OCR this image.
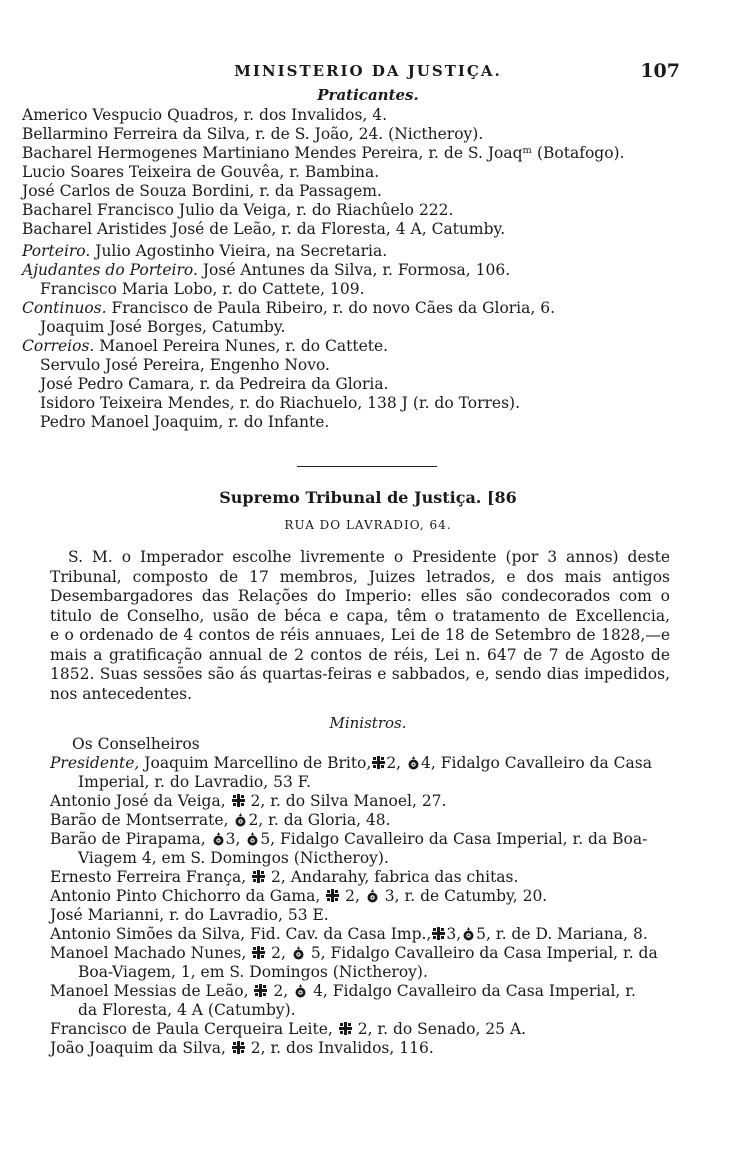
MINISTERIO DA JUSTIÇA.	107
Praticantes.
Americo Vespucio Quadros, r. dos Invalidos, 4.
Bellarmino Ferreira da Silva, r. de S. João, 24. (Nictheroy).
Bacharel Hermogenes Martiniano Mendes Pereira, r. de S. Joaqᵐ (Botafogo).
Lucio Soares Teixeira de Gouvêa, r. Bambina.
José Carlos de Souza Bordini, r. da Passagem.
Bacharel Francisco Julio da Veiga, r. do Riachûelo 222.
Bacharel Aristides José de Leão, r. da Floresta, 4 A, Catumby.
Porteiro. Julio Agostinho Vieira, na Secretaria.
Ajudantes do Porteiro. José Antunes da Silva, r. Formosa, 106.
Francisco Maria Lobo, r. do Cattete, 109.
Continuos. Francisco de Paula Ribeiro, r. do novo Cães da Gloria, 6.
Joaquim José Borges, Catumby.
Correios. Manoel Pereira Nunes, r. do Cattete.
Servulo José Pereira, Engenho Novo.
José Pedro Camara, r. da Pedreira da Gloria.
Isidoro Teixeira Mendes, r. do Riachuelo, 138 J (r. do Torres).
Pedro Manoel Joaquim, r. do Infante.
Supremo Tribunal de Justiça. [86
RUA DO LAVRADIO, 64.
S. M. o Imperador escolhe livremente o Presidente (por 3 annos) deste
Tribunal, composto de 17 membros, Juizes letrados, e dos mais antigos
Desembargadores das Relações do Imperio: elles são condecorados com o
titulo de Conselho, usão de béca e capa, têm o tratamento de Excellencia,
e o ordenado de 4 contos de réis annuaes, Lei de 18 de Setembro de 1828,—e
mais a gratificação annual de 2 contos de réis, Lei n. 647 de 7 de Agosto de
1852. Suas sessões são ás quartas-feiras e sabbados, e, sendo dias impedidos,
nos antecedentes.
Ministros.
Os Conselheiros
Presidente, Joaquim Marcellino de Brito, 2, 4, Fidalgo Cavalleiro da Casa
Imperial, r. do Lavradio, 53 F.
Antonio José da Veiga, 2, r. do Silva Manoel, 27.
Barão de Montserrate, 2, r. da Gloria, 48.
Barão de Pirapama, 3, 5, Fidalgo Cavalleiro da Casa Imperial, r. da Boa-
Viagem 4, em S. Domingos (Nictheroy).
Ernesto Ferreira França, 2, Andarahy, fabrica das chitas.
Antonio Pinto Chichorro da Gama, 2, 3, r. de Catumby, 20.
José Marianni, r. do Lavradio, 53 E.
Antonio Simões da Silva, Fid. Cav. da Casa Imp., 3, 5, r. de D. Mariana, 8.
Manoel Machado Nunes, 2, 5, Fidalgo Cavalleiro da Casa Imperial, r. da
Boa-Viagem, 1, em S. Domingos (Nictheroy).
Manoel Messias de Leão, 2, 4, Fidalgo Cavalleiro da Casa Imperial, r.
da Floresta, 4 A (Catumby).
Francisco de Paula Cerqueira Leite, 2, r. do Senado, 25 A.
João Joaquim da Silva, 2, r. dos Invalidos, 116.
